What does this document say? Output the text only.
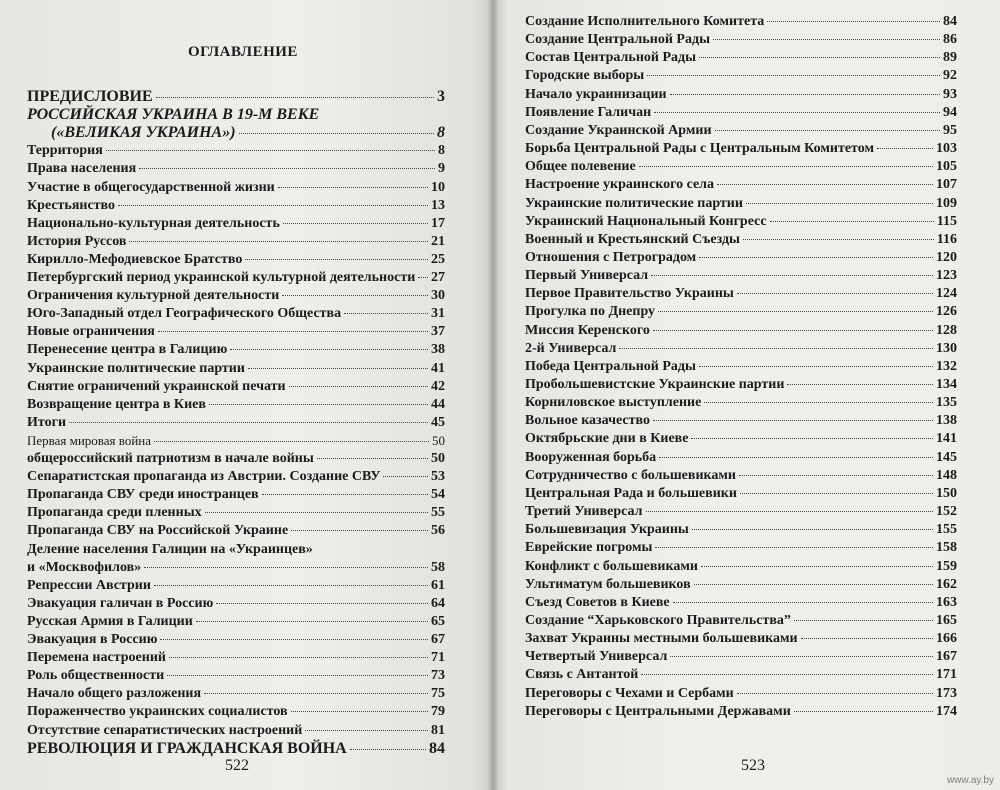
ОГЛАВЛЕНИЕ
ПРЕДИСЛОВИЕ	3
РОССИЙСКАЯ УКРАИНА В 19-М ВЕКЕ
(«ВЕЛИКАЯ УКРАИНА»)	8
Территория	8
Права населения	9
Участие в общегосударственной жизни	10
Крестьянство	13
Национально-культурная деятельность	17
История Руссов	21
Кирилло-Мефодиевское Братство	25
Петербургский период украинской культурной деятельности 27
Ограничения культурной деятельности	30
Юго-Западный отдел Географического Общества	31
Новые ограничения	37
Перенесение центра в Галицию	38
Украинские политические партии	41
Снятие ограничений украинской печати	42
Возвращение центра в Киев	44
Итоги	45
Первая мировая война	50
общероссийский патриотизм в начале войны	50
Сепаратистская пропаганда из Австрии. Создание СВУ	53
Пропаганда СВУ среди иностранцев	54
Пропаганда среди пленных	55
Пропаганда СВУ на Российской Украине	56
Деление населения Галиции на «Украинцев»
и «Москвофилов»	58
Репрессии Австрии	61
Эвакуация галичан в Россию	64
Русская Армия в Галиции	65
Эвакуация в Россию	67
Перемена настроений	71
Роль общественности	73
Начало общего разложения	75
Пораженчество украинских социалистов	79
Отсутствие сепаратистических настроений	81
РЕВОЛЮЦИЯ И ГРАЖДАНСКАЯ ВОЙНА	84
522
Создание Исполнительного Комитета	84
Создание Центральной Рады	86
Состав Центральной Рады	89
Городские выборы	92
Начало украинизации	93
Появление Галичан	94
Создание Украинской Армии	95
Борьба Центральной Рады с Центральным Комитетом	103
Общее полевение	105
Настроение украинского села	107
Украинские политические партии	109
Украинский Национальный Конгресс	115
Военный и Крестьянский Съезды	116
Отношения с Петроградом	120
Первый Универсал	123
Первое Правительство Украины	124
Прогулка по Днепру	126
Миссия Керенского	128
2-й Универсал	130
Победа Центральной Рады	132
Пробольшевистские Украинские партии	134
Корниловское выступление	135
Вольное казачество	138
Октябрьские дни в Киеве	141
Вооруженная борьба	145
Сотрудничество с большевиками	148
Центральная Рада и большевики	150
Третий Универсал	152
Большевизация Украины	155
Еврейские погромы	158
Конфликт с большевиками	159
Ультиматум большевиков	162
Съезд Советов в Киеве	163
Создание “Харьковского Правительства”	165
Захват Украины местными большевиками	166
Четвертый Универсал	167
Связь с Антантой	171
Переговоры с Чехами и Сербами	173
Переговоры с Центральными Державами	174
523
www.ay.by
